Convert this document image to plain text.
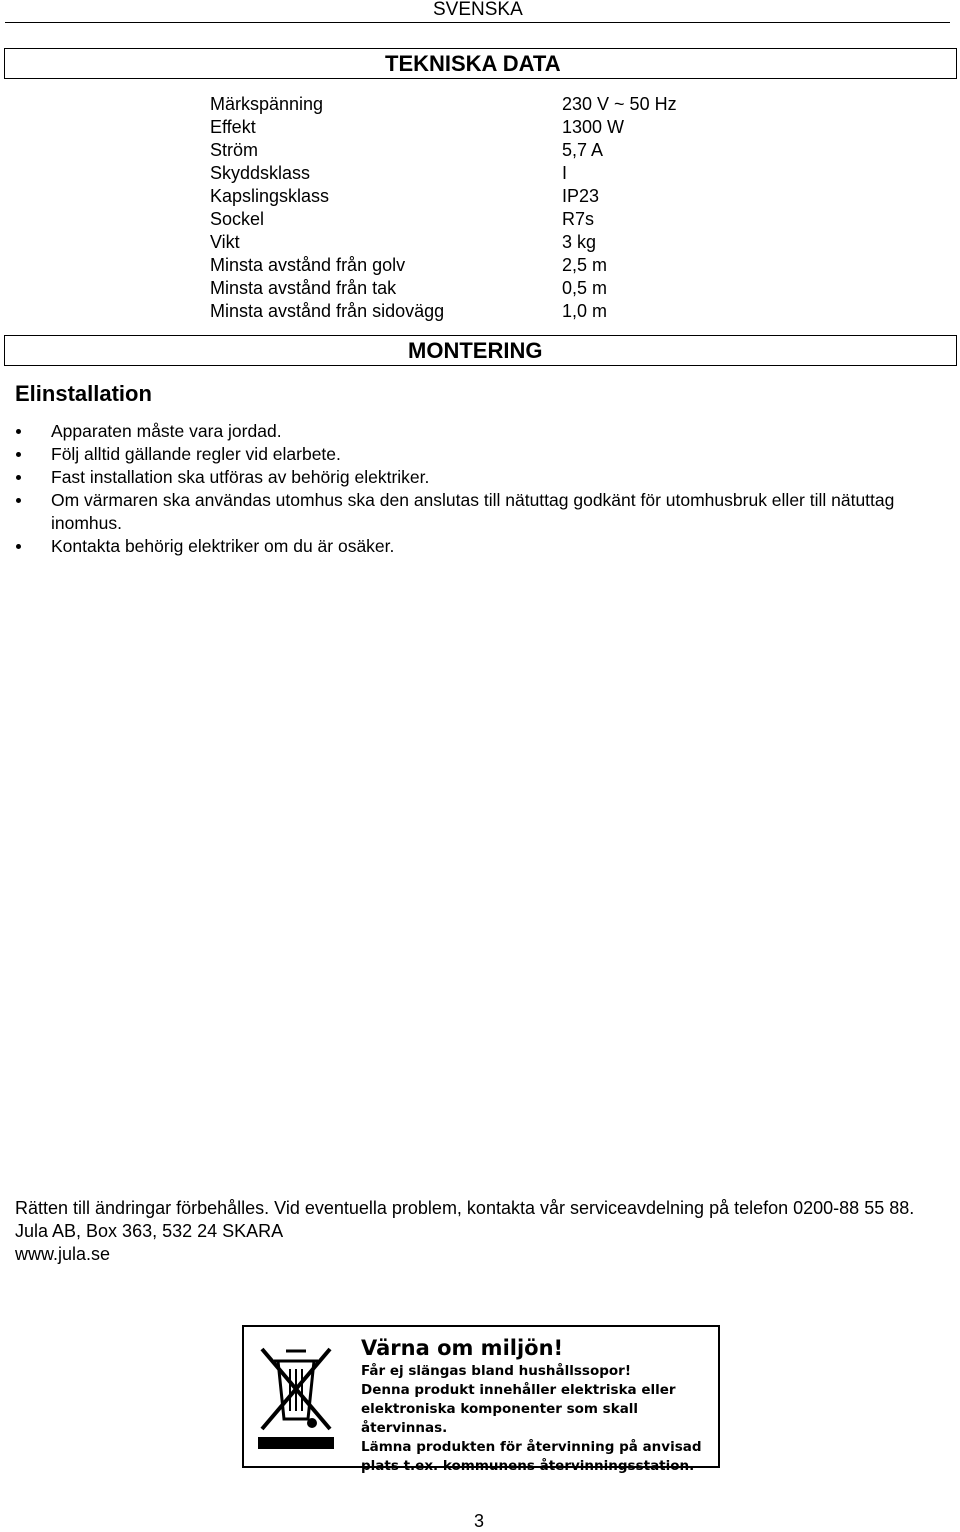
SVENSKA
TEKNISKA DATA
Märkspänning	230 V ~ 50 Hz
Effekt	1300 W
Ström	5,7 A
Skyddsklass	I
Kapslingsklass	IP23
Sockel	R7s
Vikt	3 kg
Minsta avstånd från golv	2,5 m
Minsta avstånd från tak	0,5 m
Minsta avstånd från sidovägg	1,0 m
MONTERING
Elinstallation
Apparaten måste vara jordad.
Följ alltid gällande regler vid elarbete.
Fast installation ska utföras av behörig elektriker.
Om värmaren ska användas utomhus ska den anslutas till nätuttag godkänt för utomhusbruk eller till nätuttag inomhus.
Kontakta behörig elektriker om du är osäker.
Rätten till ändringar förbehålles. Vid eventuella problem, kontakta vår serviceavdelning på telefon 0200-88 55 88.
Jula AB, Box 363, 532 24 SKARA
www.jula.se
Värna om miljön!
Får ej slängas bland hushållssopor!
Denna produkt innehåller elektriska eller
elektroniska komponenter som skall återvinnas.
Lämna produkten för återvinning på anvisad
plats t.ex. kommunens återvinningsstation.
3
